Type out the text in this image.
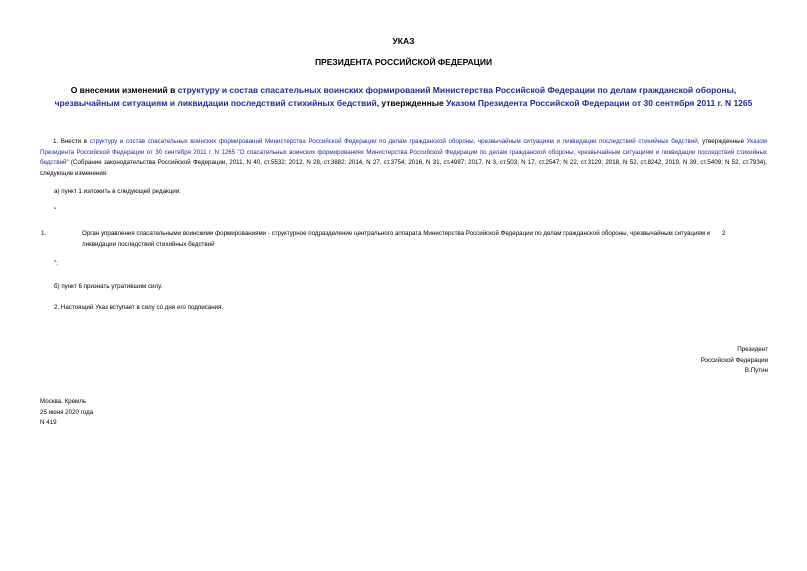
УКАЗ
ПРЕЗИДЕНТА РОССИЙСКОЙ ФЕДЕРАЦИИ
О внесении изменений в структуру и состав спасательных воинских формирований Министерства Российской Федерации по делам гражданской обороны,
чрезвычайным ситуациям и ликвидации последствий стихийных бедствий, утвержденные Указом Президента Российской Федерации от 30 сентября 2011 г. N 1265
1. Внести в структуру и состав спасательных воинских формирований Министерства Российской Федерации по делам гражданской обороны, чрезвычайным ситуациям и ликвидации последствий стихийных бедствий, утвержденные Указом Президента Российской Федерации от 30 сентября 2011 г. N 1265 "О спасательных воинских формированиях Министерства Российской Федерации по делам гражданской обороны, чрезвычайным ситуациям и ликвидации последствий стихийных бедствий" (Собрание законодательства Российской Федерации, 2011, N 40, ст.5532; 2012, N 28, ст.3882; 2014, N 27, ст.3754; 2016, N 31, ст.4987; 2017, N 3, ст.503; N 17, ст.2547; N 22, ст.3129; 2018, N 52, ст.8242; 2019, N 39, ст.5409; N 52, ст.7934), следующие изменения:
а) пункт 1 изложить в следующей редакции:
"
1.	Орган управления спасательными воинскими формированиями - структурное подразделение центрального аппарата Министерства Российской Федерации по делам гражданской обороны, чрезвычайным ситуациям и ликвидации последствий стихийных бедствий
2
";
б) пункт 6 признать утратившим силу.
2. Настоящий Указ вступает в силу со дня его подписания.
Президент
Российской Федерации
В.Путин
Москва, Кремль
25 июня 2020 года
N 419
